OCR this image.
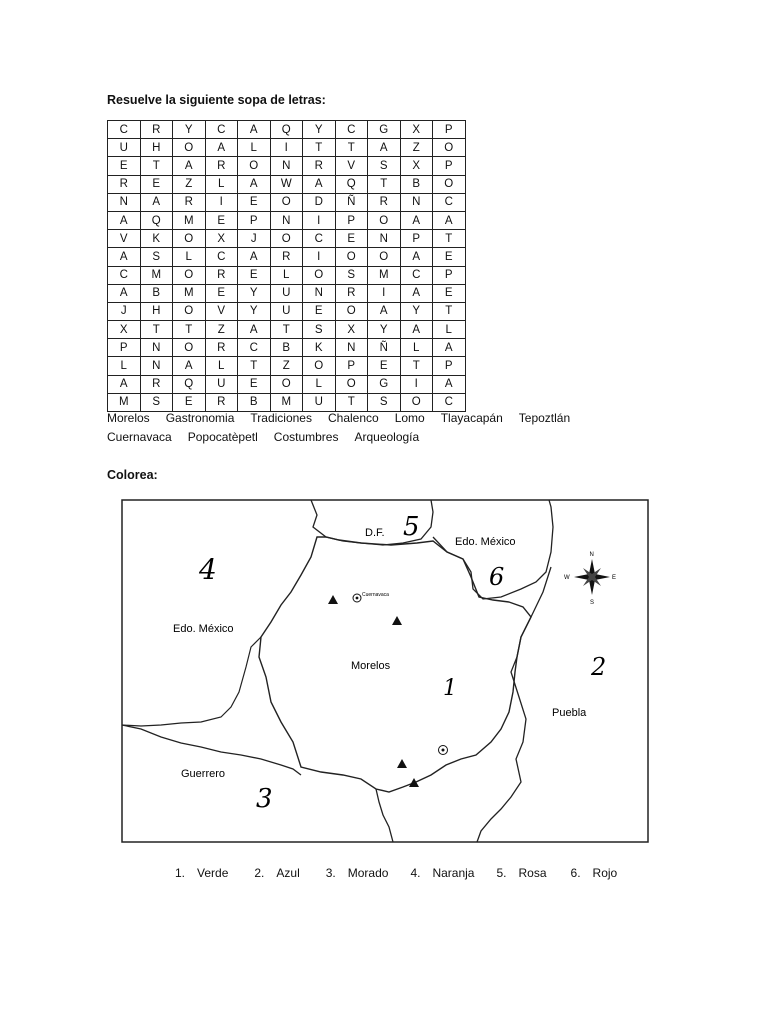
Resuelve la siguiente sopa de letras:
C	R	Y	C	A	Q	Y	C	G	X	P
U	H	O	A	L	I	T	T	A	Z	O
E	T	A	R	O	N	R	V	S	X	P
R	E	Z	L	A	W	A	Q	T	B	O
N	A	R	I	E	O	D	Ñ	R	N	C
A	Q	M	E	P	N	I	P	O	A	A
V	K	O	X	J	O	C	E	N	P	T
A	S	L	C	A	R	I	O	O	A	E
C	M	O	R	E	L	O	S	M	C	P
A	B	M	E	Y	U	N	R	I	A	E
J	H	O	V	Y	U	E	O	A	Y	T
X	T	T	Z	A	T	S	X	Y	A	L
P	N	O	R	C	B	K	N	Ñ	L	A
L	N	A	L	T	Z	O	P	E	T	P
A	R	Q	U	E	O	L	O	G	I	A
M	S	E	R	B	M	U	T	S	O	C
Morelos Gastronomia Tradiciones Chalenco Lomo Tlayacapán Tepoztlán
Cuernavaca Popocatèpetl Costumbres Arqueología
Colorea:
N
S
E
W
D.F.
Edo. México
Edo. México
Morelos
Puebla
Guerrero
Cuernavaca
5
6
4
2
1
3
1. Verde 2. Azul 3. Morado 4. Naranja 5. Rosa 6. Rojo
